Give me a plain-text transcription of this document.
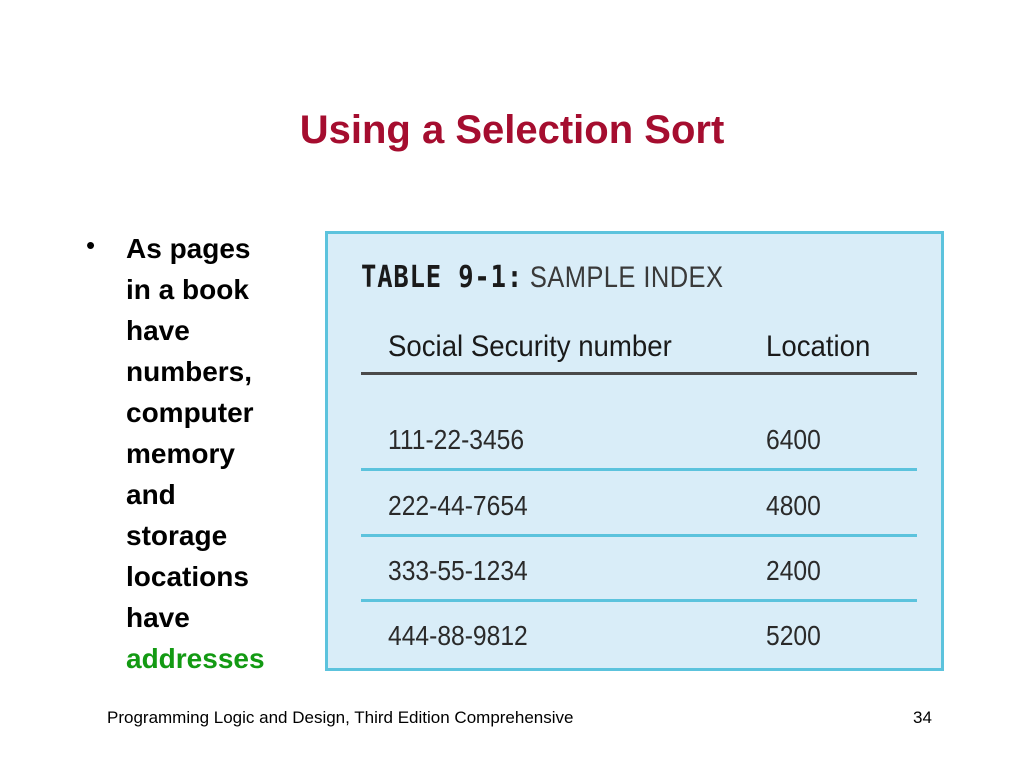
Using a Selection Sort
• As pages
in a book
have
numbers,
computer
memory
and
storage
locations
have
addresses
TABLE 9-1: SAMPLE INDEX
Social Security number	Location
111-22-3456	6400
222-44-7654	4800
333-55-1234	2400
444-88-9812	5200
Programming Logic and Design, Third Edition Comprehensive	34
